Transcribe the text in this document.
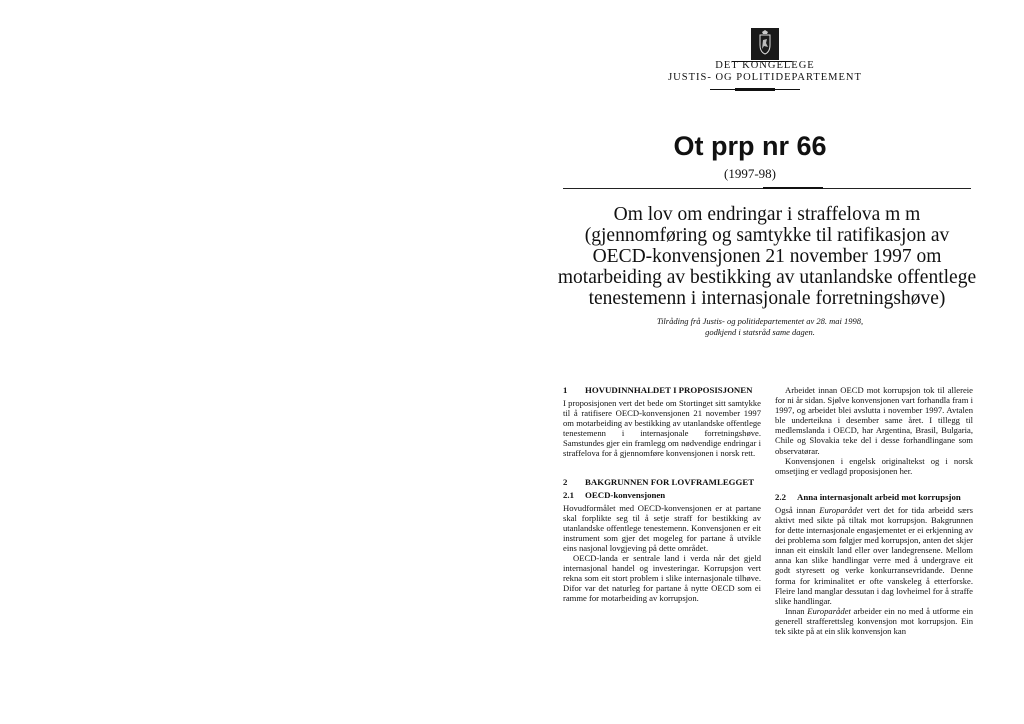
DET KONGELEGE
JUSTIS- OG POLITIDEPARTEMENT
Ot prp nr 66
(1997-98)
Om lov om endringar i straffelova m m (gjennomføring og samtykke til ratifikasjon av OECD-konvensjonen 21 november 1997 om motarbeiding av bestikking av utanlandske offentlege tenestemenn i internasjonale forretningshøve)
Tilråding frå Justis- og politidepartementet av 28. mai 1998,
godkjend i statsråd same dagen.
1	HOVUDINNHALDET I PROPOSISJONEN

I proposisjonen vert det bede om Stortinget sitt samtykke til å ratifisere OECD-konvensjonen 21 november 1997 om motarbeiding av bestikking av utanlandske offentlege tenestemenn i internasjonale forretningshøve. Samstundes gjer ein framlegg om nødvendige endringar i straffelova for å gjennomføre konvensjonen i norsk rett.

2	BAKGRUNNEN FOR LOVFRAMLEGGET
2.1	OECD-konvensjonen

Hovudformålet med OECD-konvensjonen er at partane skal forplikte seg til å setje straff for bestikking av utanlandske offentlege tenestemenn. Konvensjonen er eit instrument som gjer det mogeleg for partane å utvikle eins nasjonal lovgjeving på dette området.

OECD-landa er sentrale land i verda når det gjeld internasjonal handel og investeringar. Korrupsjon vert rekna som eit stort problem i slike internasjonale tilhøve. Difor var det naturleg for partane å nytte OECD som ei ramme for motarbeiding av korrupsjon.

Arbeidet innan OECD mot korrupsjon tok til allereie for ni år sidan. Sjølve konvensjonen vart forhandla fram i 1997, og arbeidet blei avslutta i november 1997. Avtalen ble underteikna i desember same året. I tillegg til medlemslanda i OECD, har Argentina, Brasil, Bulgaria, Chile og Slovakia teke del i desse forhandlingane som observatørar.

Konvensjonen i engelsk originaltekst og i norsk omsetjing er vedlagd proposisjonen her.

2.2	Anna internasjonalt arbeid mot korrupsjon

Også innan Europarådet vert det for tida arbeidd særs aktivt med sikte på tiltak mot korrupsjon. Bakgrunnen for dette internasjonale engasjementet er ei erkjenning av dei problema som følgjer med korrupsjon, anten det skjer innan eit einskilt land eller over landegrensene. Mellom anna kan slike handlingar verre med å undergrave eit godt styresett og verke konkurransevridande. Denne forma for kriminalitet er ofte vanskeleg å etterforske. Fleire land manglar dessutan i dag lovheimel for å straffe slike handlingar.

Innan Europarådet arbeider ein no med å utforme ein generell strafferettsleg konvensjon mot korrupsjon. Ein tek sikte på at ein slik konvensjon kan
